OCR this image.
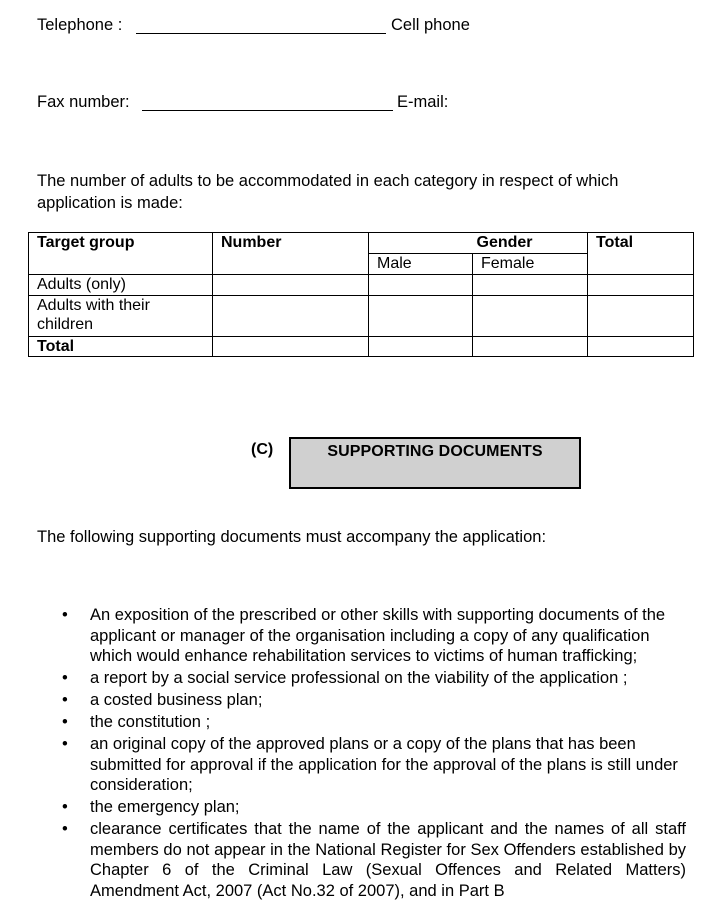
Telephone :	Cell phone
Fax number:	E-mail:
The number of adults to be accommodated in each category in respect of which application is made:
Target group	Number		Gender	Total
		Male	Female	
Adults (only)				
Adults with their children				
Total				
(C)	SUPPORTING DOCUMENTS
The following supporting documents must accompany the application:
• An exposition of the prescribed or other skills with supporting documents of the applicant or manager of the organisation including a copy of any qualification which would enhance rehabilitation services to victims of human trafficking;
• a report by a social service professional on the viability of the application ;
• a costed business plan;
• the constitution ;
• an original copy of the approved plans or a copy of the plans that has been submitted for approval if the application for the approval of the plans is still under consideration;
• the emergency plan;
• clearance certificates that the name of the applicant and the names of all staff members do not appear in the National Register for Sex Offenders established by Chapter 6 of the Criminal Law (Sexual Offences and Related Matters) Amendment Act, 2007 (Act No.32 of 2007), and in Part B
